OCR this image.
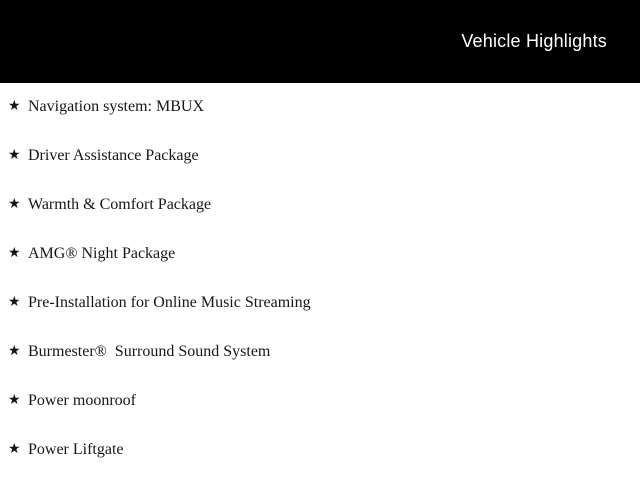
Vehicle Highlights
★ Navigation system: MBUX
★ Driver Assistance Package
★ Warmth & Comfort Package
★ AMG® Night Package
★ Pre-Installation for Online Music Streaming
★ Burmester®  Surround Sound System
★ Power moonroof
★ Power Liftgate
